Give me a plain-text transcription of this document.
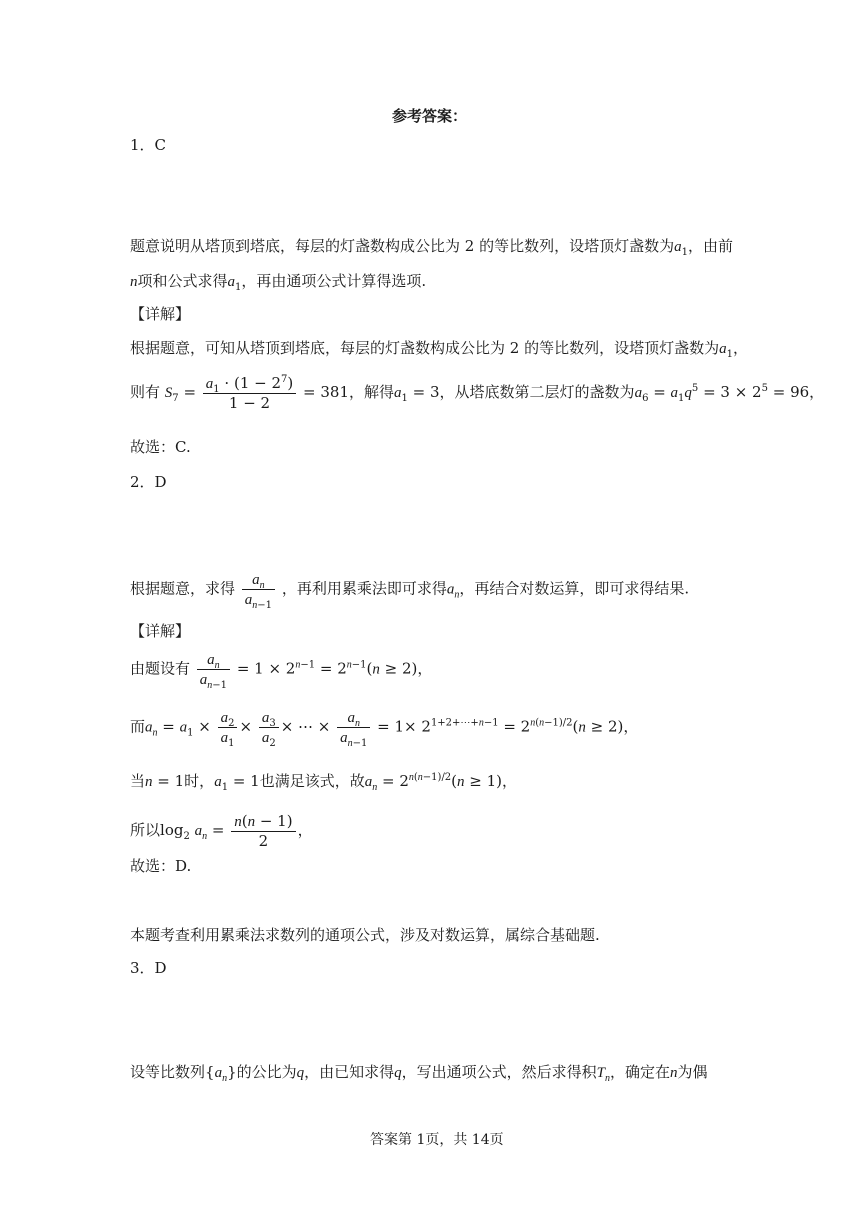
参考答案：
1．C
题意说明从塔顶到塔底，每层的灯盏数构成公比为 2 的等比数列，设塔顶灯盏数为$a_1$，由前
n项和公式求得$a_1$，再由通项公式计算得选项.
【详解】
根据题意，可知从塔顶到塔底，每层的灯盏数构成公比为 2 的等比数列，设塔顶灯盏数为$a_1$，
则有 $S_7 = \frac{a_1 \cdot (1 - 2^7)}{1 - 2} = 381$，解得$a_1 = 3$，从塔底数第二层灯的盏数为$a_6 = a_1q^5 = 3 \times 2^5 = 96$，
故选：C.
2．D
根据题意，求得 $\frac{a_n}{a_{n-1}}$ ，再利用累乘法即可求得$a_n$，再结合对数运算，即可求得结果.
【详解】
由题设有 $\frac{a_n}{a_{n-1}} = 1 \times 2^{n-1} = 2^{n-1}(n \ge 2)$，
而$a_n = a_1 \times \frac{a_2}{a_1} \times \frac{a_3}{a_2}$ × ⋯ × $\frac{a_n}{a_{n-1}} = 1\times 2^{1+2+\cdots+n-1} = 2^{n(n-1)/2}(n \ge 2)$，
当n = 1时，$a_1 = 1$也满足该式，故$a_n = 2^{n(n-1)/2}(n \ge 1)$，
所以$\log_2 a_n = \frac{n(n - 1)}{2}$ ，
故选：D.
本题考查利用累乘法求数列的通项公式，涉及对数运算，属综合基础题.
3．D
设等比数列$\{a_n\}$的公比为q，由已知求得q，写出通项公式，然后求得积$T_n$，确定在n为偶
答案第 1页，共 14页
